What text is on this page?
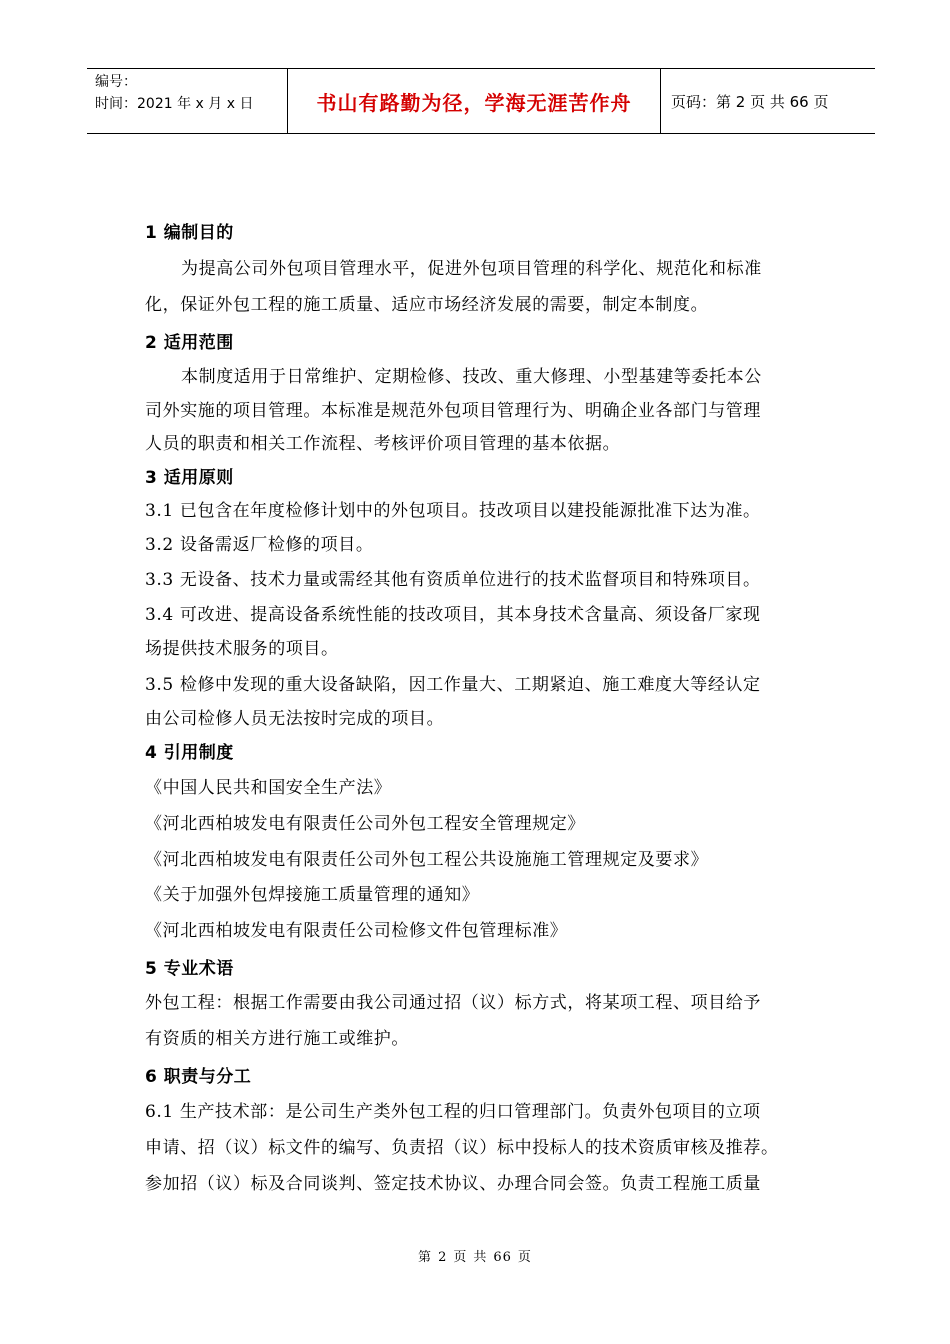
编号：
时间：2021 年 x 月 x 日	书山有路勤为径，学海无涯苦作舟	页码：第 2 页 共 66 页
1 编制目的
为提高公司外包项目管理水平，促进外包项目管理的科学化、规范化和标准
化，保证外包工程的施工质量、适应市场经济发展的需要，制定本制度。
2 适用范围
本制度适用于日常维护、定期检修、技改、重大修理、小型基建等委托本公
司外实施的项目管理。本标准是规范外包项目管理行为、明确企业各部门与管理
人员的职责和相关工作流程、考核评价项目管理的基本依据。
3 适用原则
3.1 已包含在年度检修计划中的外包项目。技改项目以建投能源批准下达为准。
3.2 设备需返厂检修的项目。
3.3 无设备、技术力量或需经其他有资质单位进行的技术监督项目和特殊项目。
3.4 可改进、提高设备系统性能的技改项目，其本身技术含量高、须设备厂家现
场提供技术服务的项目。
3.5 检修中发现的重大设备缺陷，因工作量大、工期紧迫、施工难度大等经认定
由公司检修人员无法按时完成的项目。
4 引用制度
《中国人民共和国安全生产法》
《河北西柏坡发电有限责任公司外包工程安全管理规定》
《河北西柏坡发电有限责任公司外包工程公共设施施工管理规定及要求》
《关于加强外包焊接施工质量管理的通知》
《河北西柏坡发电有限责任公司检修文件包管理标准》
5 专业术语
外包工程：根据工作需要由我公司通过招（议）标方式，将某项工程、项目给予
有资质的相关方进行施工或维护。
6 职责与分工
6.1 生产技术部：是公司生产类外包工程的归口管理部门。负责外包项目的立项
申请、招（议）标文件的编写、负责招（议）标中投标人的技术资质审核及推荐。
参加招（议）标及合同谈判、签定技术协议、办理合同会签。负责工程施工质量
第 2 页 共 66 页
